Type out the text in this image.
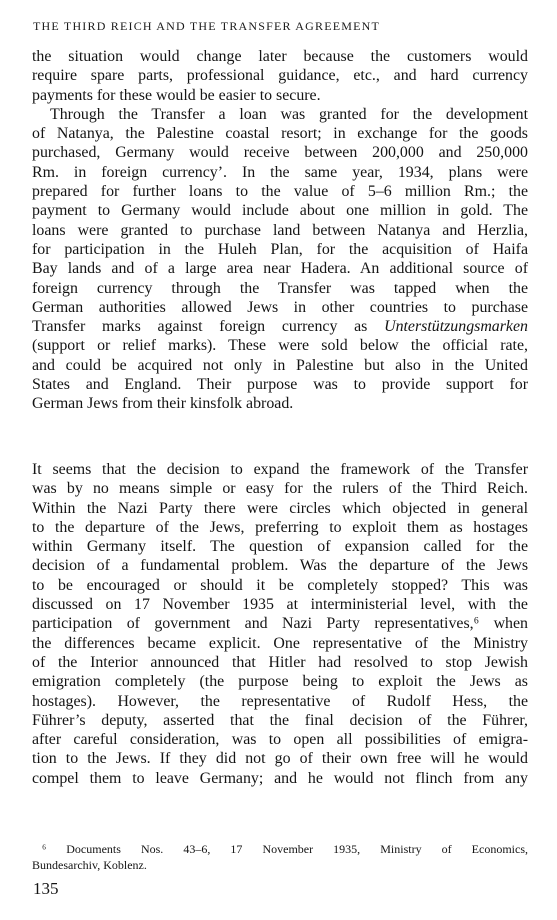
THE THIRD REICH AND THE TRANSFER AGREEMENT
the situation would change later because the customers would
require spare parts, professional guidance, etc., and hard currency
payments for these would be easier to secure.
Through the Transfer a loan was granted for the development
of Natanya, the Palestine coastal resort; in exchange for the goods
purchased, Germany would receive between 200,000 and 250,000
Rm. in foreign currency’. In the same year, 1934, plans were
prepared for further loans to the value of 5–6 million Rm.; the
payment to Germany would include about one million in gold. The
loans were granted to purchase land between Natanya and Herzlia,
for participation in the Huleh Plan, for the acquisition of Haifa
Bay lands and of a large area near Hadera. An additional source of
foreign currency through the Transfer was tapped when the
German authorities allowed Jews in other countries to purchase
Transfer marks against foreign currency as Unterstützungsmarken
(support or relief marks). These were sold below the official rate,
and could be acquired not only in Palestine but also in the United
States and England. Their purpose was to provide support for
German Jews from their kinsfolk abroad.
It seems that the decision to expand the framework of the Transfer
was by no means simple or easy for the rulers of the Third Reich.
Within the Nazi Party there were circles which objected in general
to the departure of the Jews, preferring to exploit them as hostages
within Germany itself. The question of expansion called for the
decision of a fundamental problem. Was the departure of the Jews
to be encouraged or should it be completely stopped? This was
discussed on 17 November 1935 at interministerial level, with the
participation of government and Nazi Party representatives,⁶ when
the differences became explicit. One representative of the Ministry
of the Interior announced that Hitler had resolved to stop Jewish
emigration completely (the purpose being to exploit the Jews as
hostages). However, the representative of Rudolf Hess, the
Führer’s deputy, asserted that the final decision of the Führer,
after careful consideration, was to open all possibilities of emigra-
tion to the Jews. If they did not go of their own free will he would
compel them to leave Germany; and he would not flinch from any
⁶ Documents Nos. 43–6, 17 November 1935, Ministry of Economics,
Bundesarchiv, Koblenz.
135
